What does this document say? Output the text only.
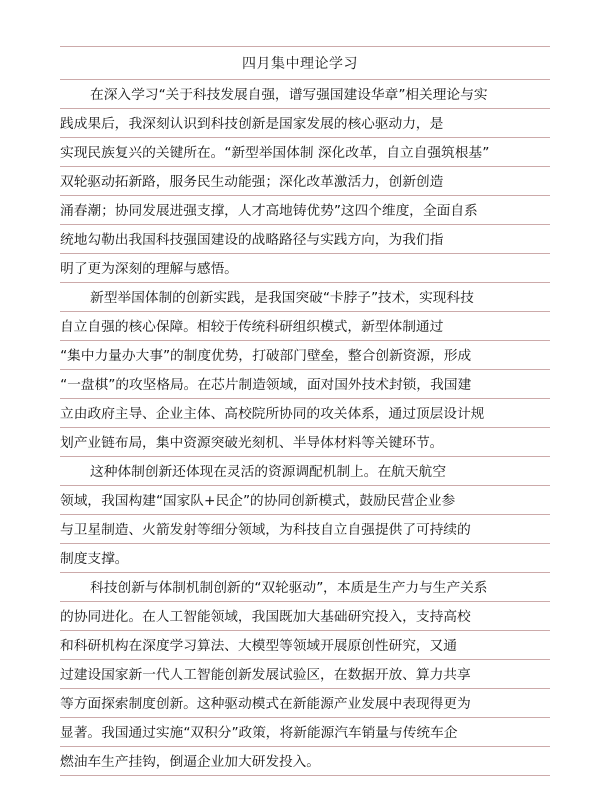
四月集中理论学习
在深入学习“关于科技发展自强，谱写强国建设华章”相关理论与实
践成果后，我深刻认识到科技创新是国家发展的核心驱动力，是
实现民族复兴的关键所在。“新型举国体制 深化改革，自立自强筑根基”
双轮驱动拓新路，服务民生动能强；深化改革激活力，创新创造
涌春潮；协同发展进强支撑，人才高地铸优势”这四个维度，全面自系
统地勾勒出我国科技强国建设的战略路径与实践方向，为我们指
明了更为深刻的理解与感悟。
新型举国体制的创新实践，是我国突破“卡脖子”技术，实现科技
自立自强的核心保障。相较于传统科研组织模式，新型体制通过
“集中力量办大事”的制度优势，打破部门壁垒，整合创新资源，形成
“一盘棋”的攻坚格局。在芯片制造领域，面对国外技术封锁，我国建
立由政府主导、企业主体、高校院所协同的攻关体系，通过顶层设计规
划产业链布局，集中资源突破光刻机、半导体材料等关键环节。
这种体制创新还体现在灵活的资源调配机制上。在航天航空
领域，我国构建“国家队+民企”的协同创新模式，鼓励民营企业参
与卫星制造、火箭发射等细分领域，为科技自立自强提供了可持续的
制度支撑。
科技创新与体制机制创新的“双轮驱动”，本质是生产力与生产关系
的协同进化。在人工智能领域，我国既加大基础研究投入，支持高校
和科研机构在深度学习算法、大模型等领域开展原创性研究，又通
过建设国家新一代人工智能创新发展试验区，在数据开放、算力共享
等方面探索制度创新。这种驱动模式在新能源产业发展中表现得更为
显著。我国通过实施“双积分”政策，将新能源汽车销量与传统车企
燃油车生产挂钩，倒逼企业加大研发投入。
